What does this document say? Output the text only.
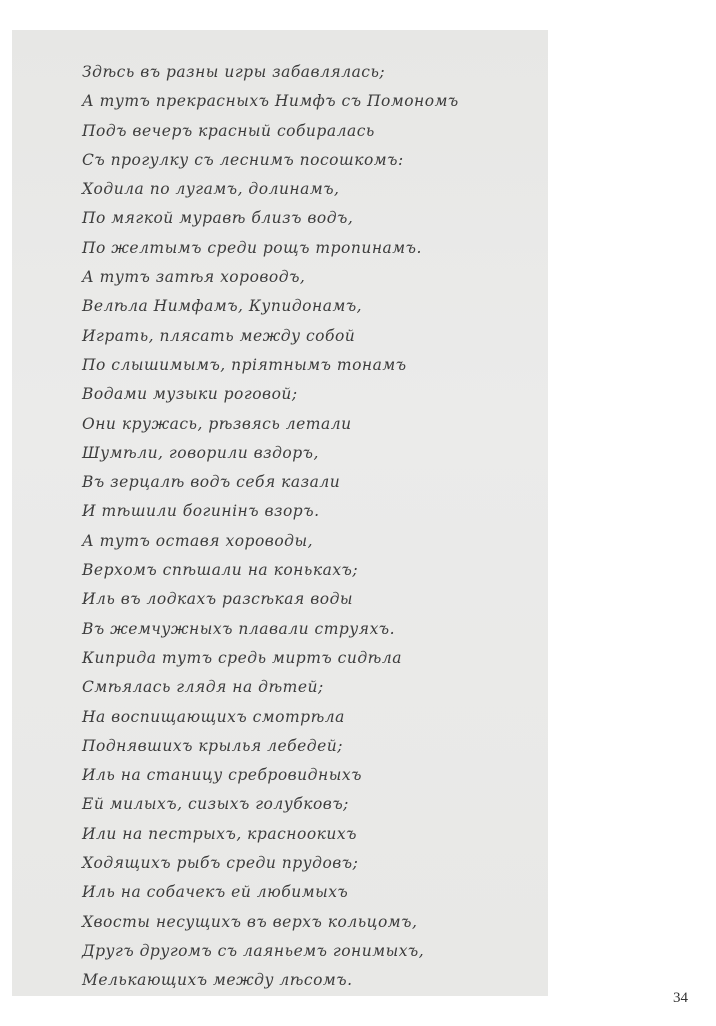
Здѣсь въ разны игры забавлялась;
А тутъ прекрасныхъ Нимфъ съ Помономъ
Подъ вечеръ красный собиралась
Съ прогулку съ леснимъ посошкомъ:
Ходила по лугамъ, долинамъ,
По мягкой муравѣ близъ водъ,
По желтымъ среди рощъ тропинамъ.
А тутъ затѣя хороводъ,
Велѣла Нимфамъ, Купидонамъ,
Играть, плясать между собой
По слышимымъ, пріятнымъ тонамъ
Водами музыки роговой;
Они кружась, рѣзвясь летали
Шумѣли, говорили вздоръ,
Въ зерцалѣ водъ себя казали
И тѣшили богинінъ взоръ.
А тутъ оставя хороводы,
Верхомъ спѣшали на конькахъ;
Иль въ лодкахъ разсѣкая воды
Въ жемчужныхъ плавали струяхъ.
Киприда тутъ средь миртъ сидѣла
Смѣялась глядя на дѣтей;
На воспищающихъ смотрѣла
Поднявшихъ крылья лебедей;
Иль на станицу сребровидныхъ
Ей милыхъ, сизыхъ голубковъ;
Или на пестрыхъ, красноокихъ
Ходящихъ рыбъ среди прудовъ;
Иль на собачекъ ей любимыхъ
Хвосты несущихъ въ верхъ кольцомъ,
Другъ другомъ съ лаяньемъ гонимыхъ,
Мелькающихъ между лѣсомъ.
34
